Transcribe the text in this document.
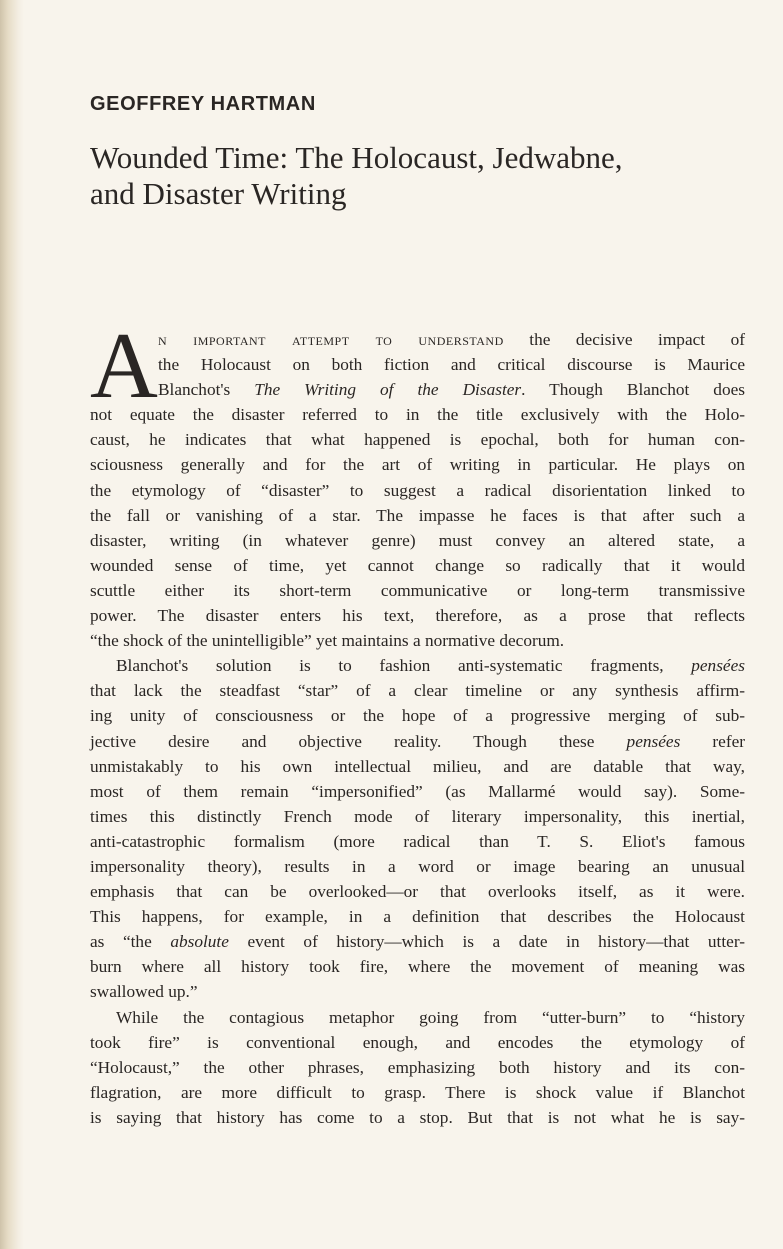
GEOFFREY HARTMAN
Wounded Time: The Holocaust, Jedwabne,
and Disaster Writing
A n important attempt to understand the decisive impact of
the Holocaust on both fiction and critical discourse is Maurice
Blanchot's The Writing of the Disaster. Though Blanchot does
not equate the disaster referred to in the title exclusively with the Holo-
caust, he indicates that what happened is epochal, both for human con-
sciousness generally and for the art of writing in particular. He plays on
the etymology of “disaster” to suggest a radical disorientation linked to
the fall or vanishing of a star. The impasse he faces is that after such a
disaster, writing (in whatever genre) must convey an altered state, a
wounded sense of time, yet cannot change so radically that it would
scuttle either its short-term communicative or long-term transmissive
power. The disaster enters his text, therefore, as a prose that reflects
“the shock of the unintelligible” yet maintains a normative decorum.
Blanchot's solution is to fashion anti-systematic fragments, pensées
that lack the steadfast “star” of a clear timeline or any synthesis affirm-
ing unity of consciousness or the hope of a progressive merging of sub-
jective desire and objective reality. Though these pensées refer
unmistakably to his own intellectual milieu, and are datable that way,
most of them remain “impersonified” (as Mallarmé would say). Some-
times this distinctly French mode of literary impersonality, this inertial,
anti-catastrophic formalism (more radical than T. S. Eliot's famous
impersonality theory), results in a word or image bearing an unusual
emphasis that can be overlooked—or that overlooks itself, as it were.
This happens, for example, in a definition that describes the Holocaust
as “the absolute event of history—which is a date in history—that utter-
burn where all history took fire, where the movement of meaning was
swallowed up.”
While the contagious metaphor going from “utter-burn” to “history
took fire” is conventional enough, and encodes the etymology of
“Holocaust,” the other phrases, emphasizing both history and its con-
flagration, are more difficult to grasp. There is shock value if Blanchot
is saying that history has come to a stop. But that is not what he is say-
